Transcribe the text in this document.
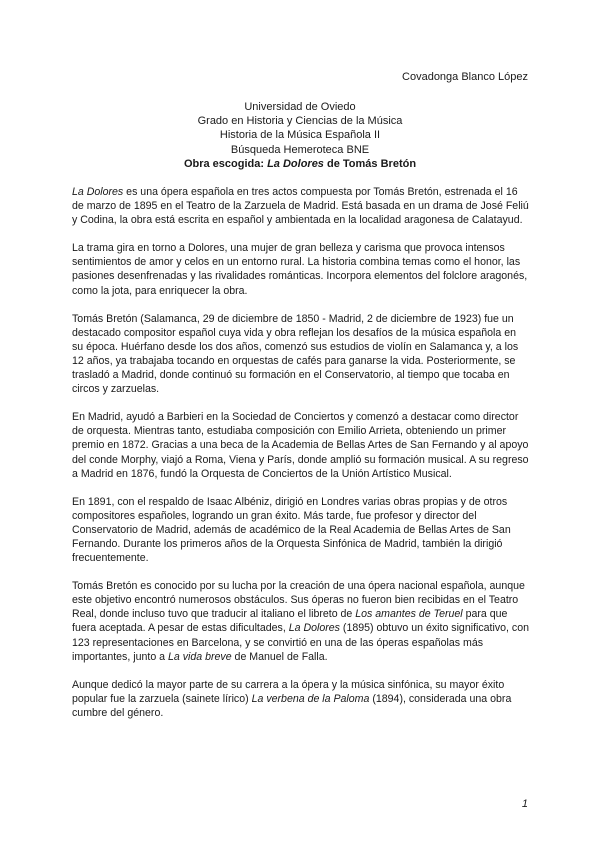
Covadonga Blanco López
Universidad de Oviedo
Grado en Historia y Ciencias de la Música
Historia de la Música Española II
Búsqueda Hemeroteca BNE
Obra escogida: La Dolores de Tomás Bretón

La Dolores es una ópera española en tres actos compuesta por Tomás Bretón, estrenada el 16 de marzo de 1895 en el Teatro de la Zarzuela de Madrid. Está basada en un drama de José Feliú y Codina, la obra está escrita en español y ambientada en la localidad aragonesa de Calatayud.

La trama gira en torno a Dolores, una mujer de gran belleza y carisma que provoca intensos sentimientos de amor y celos en un entorno rural. La historia combina temas como el honor, las pasiones desenfrenadas y las rivalidades románticas. Incorpora elementos del folclore aragonés, como la jota, para enriquecer la obra.

Tomás Bretón (Salamanca, 29 de diciembre de 1850 - Madrid, 2 de diciembre de 1923) fue un destacado compositor español cuya vida y obra reflejan los desafíos de la música española en su época. Huérfano desde los dos años, comenzó sus estudios de violín en Salamanca y, a los 12 años, ya trabajaba tocando en orquestas de cafés para ganarse la vida. Posteriormente, se trasladó a Madrid, donde continuó su formación en el Conservatorio, al tiempo que tocaba en circos y zarzuelas.

En Madrid, ayudó a Barbieri en la Sociedad de Conciertos y comenzó a destacar como director de orquesta. Mientras tanto, estudiaba composición con Emilio Arrieta, obteniendo un primer premio en 1872. Gracias a una beca de la Academia de Bellas Artes de San Fernando y al apoyo del conde Morphy, viajó a Roma, Viena y París, donde amplió su formación musical. A su regreso a Madrid en 1876, fundó la Orquesta de Conciertos de la Unión Artístico Musical.

En 1891, con el respaldo de Isaac Albéniz, dirigió en Londres varias obras propias y de otros compositores españoles, logrando un gran éxito. Más tarde, fue profesor y director del Conservatorio de Madrid, además de académico de la Real Academia de Bellas Artes de San Fernando. Durante los primeros años de la Orquesta Sinfónica de Madrid, también la dirigió frecuentemente.

Tomás Bretón es conocido por su lucha por la creación de una ópera nacional española, aunque este objetivo encontró numerosos obstáculos. Sus óperas no fueron bien recibidas en el Teatro Real, donde incluso tuvo que traducir al italiano el libreto de Los amantes de Teruel para que fuera aceptada. A pesar de estas dificultades, La Dolores (1895) obtuvo un éxito significativo, con 123 representaciones en Barcelona, y se convirtió en una de las óperas españolas más importantes, junto a La vida breve de Manuel de Falla.

Aunque dedicó la mayor parte de su carrera a la ópera y la música sinfónica, su mayor éxito popular fue la zarzuela (sainete lírico) La verbena de la Paloma (1894), considerada una obra cumbre del género.

1
